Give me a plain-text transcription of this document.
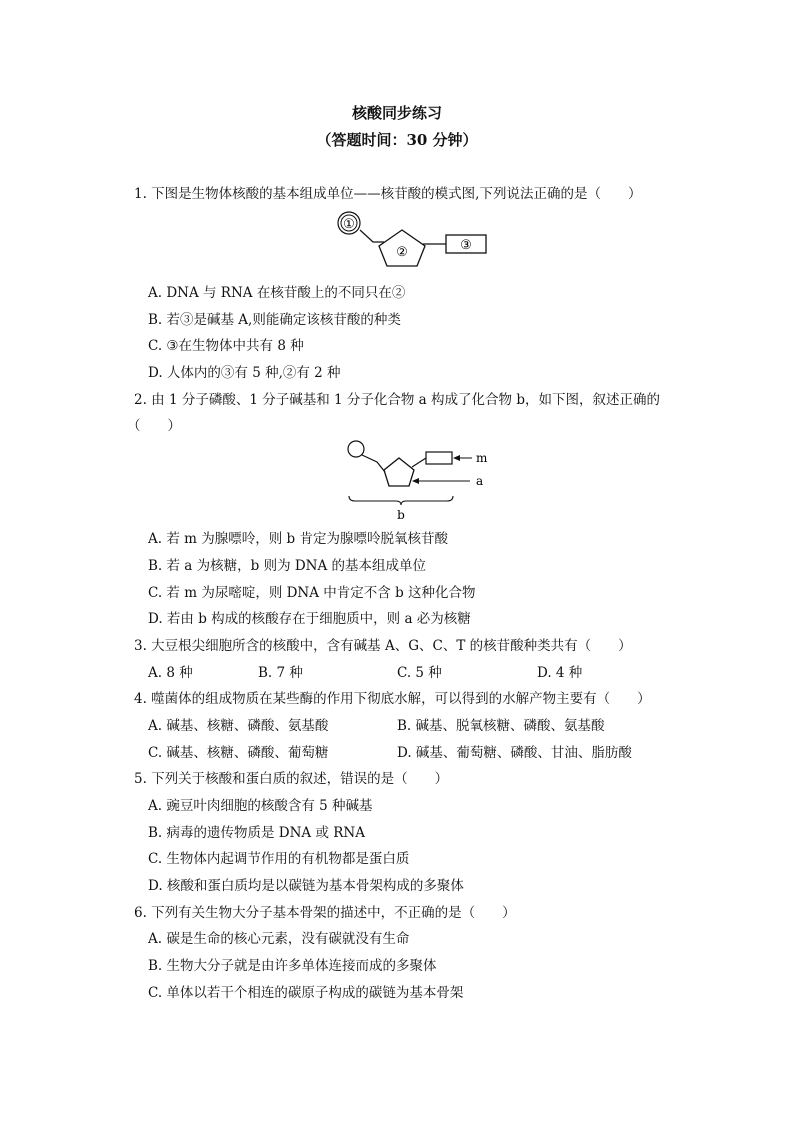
核酸同步练习
（答题时间：30 分钟）
1. 下图是生物体核酸的基本组成单位——核苷酸的模式图,下列说法正确的是（　　）
①
②	③
A. DNA 与 RNA 在核苷酸上的不同只在②
B. 若③是碱基 A,则能确定该核苷酸的种类
C. ③在生物体中共有 8 种
D. 人体内的③有 5 种,②有 2 种
2. 由 1 分子磷酸、1 分子碱基和 1 分子化合物 a 构成了化合物 b，如下图，叙述正确的
（　　）
m
a
b
A. 若 m 为腺嘌呤，则 b 肯定为腺嘌呤脱氧核苷酸
B. 若 a 为核糖，b 则为 DNA 的基本组成单位
C. 若 m 为尿嘧啶，则 DNA 中肯定不含 b 这种化合物
D. 若由 b 构成的核酸存在于细胞质中，则 a 必为核糖
3. 大豆根尖细胞所含的核酸中，含有碱基 A、G、C、T 的核苷酸种类共有（　　）
A. 8 种	B. 7 种	C. 5 种	D. 4 种
4. 噬菌体的组成物质在某些酶的作用下彻底水解，可以得到的水解产物主要有（　　）
A. 碱基、核糖、磷酸、氨基酸	B. 碱基、脱氧核糖、磷酸、氨基酸
C. 碱基、核糖、磷酸、葡萄糖	D. 碱基、葡萄糖、磷酸、甘油、脂肪酸
5. 下列关于核酸和蛋白质的叙述，错误的是（　　）
A. 豌豆叶肉细胞的核酸含有 5 种碱基
B. 病毒的遗传物质是 DNA 或 RNA
C. 生物体内起调节作用的有机物都是蛋白质
D. 核酸和蛋白质均是以碳链为基本骨架构成的多聚体
6. 下列有关生物大分子基本骨架的描述中，不正确的是（　　）
A. 碳是生命的核心元素，没有碳就没有生命
B. 生物大分子就是由许多单体连接而成的多聚体
C. 单体以若干个相连的碳原子构成的碳链为基本骨架
